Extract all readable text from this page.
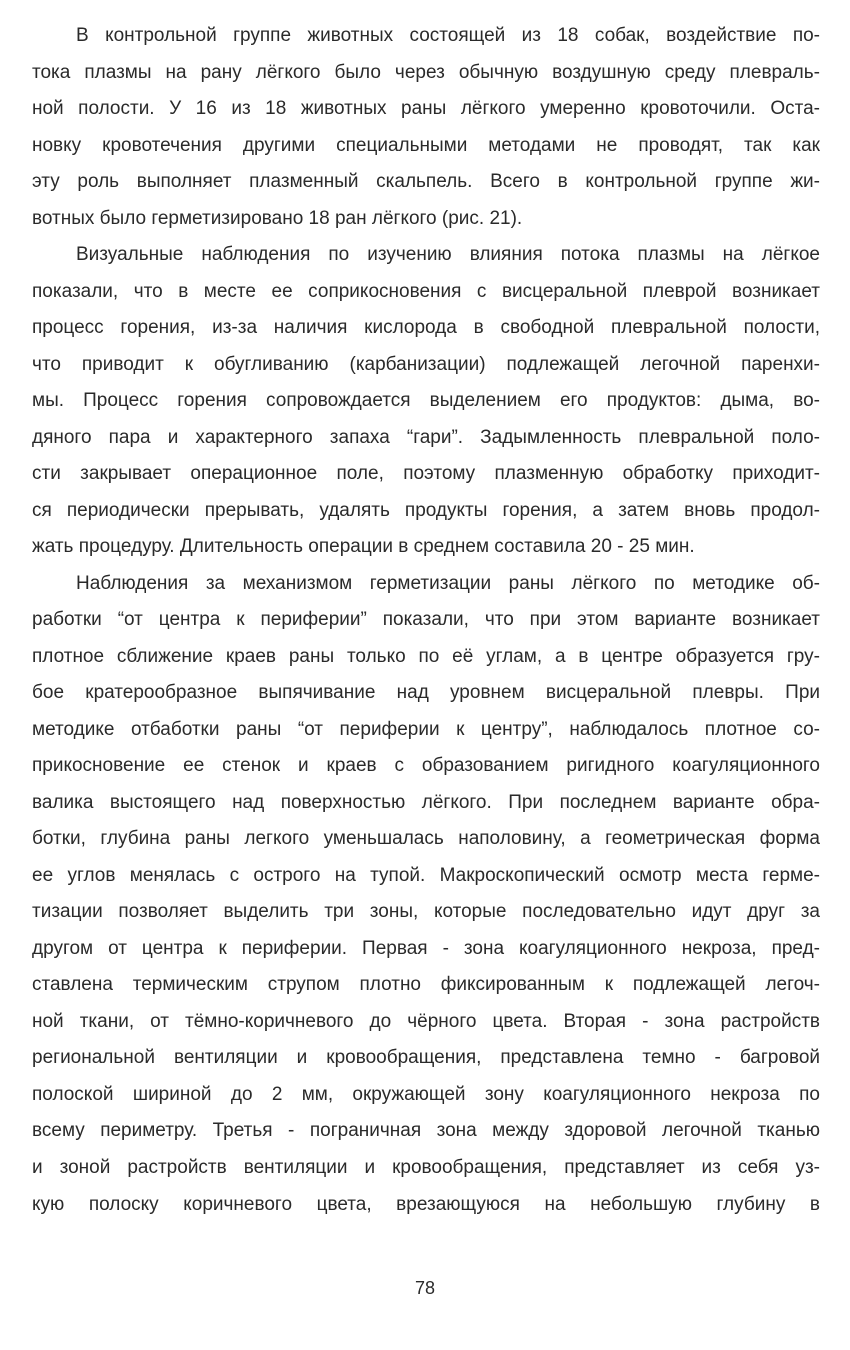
В контрольной группе животных состоящей из 18 собак, воздействие по-
тока плазмы на рану лёгкого было через обычную воздушную среду плевраль-
ной полости. У 16 из 18 животных раны лёгкого умеренно кровоточили. Оста-
новку кровотечения другими специальными методами не проводят, так как
эту роль выполняет плазменный скальпель. Всего в контрольной группе жи-
вотных было герметизировано 18 ран лёгкого (рис. 21).
Визуальные наблюдения по изучению влияния потока плазмы на лёгкое
показали, что в месте ее соприкосновения с висцеральной плеврой возникает
процесс горения, из-за наличия кислорода в свободной плевральной полости,
что приводит к обугливанию (карбанизации) подлежащей легочной паренхи-
мы. Процесс горения сопровождается выделением его продуктов: дыма, во-
дяного пара и характерного запаха “гари”. Задымленность плевральной поло-
сти закрывает операционное поле, поэтому плазменную обработку приходит-
ся периодически прерывать, удалять продукты горения, а затем вновь продол-
жать процедуру. Длительность операции в среднем составила 20 - 25 мин.
Наблюдения за механизмом герметизации раны лёгкого по методике об-
работки “от центра к периферии” показали, что при этом варианте возникает
плотное сближение краев раны только по её углам, а в центре образуется гру-
бое кратерообразное выпячивание над уровнем висцеральной плевры. При
методике отбаботки раны “от периферии к центру”, наблюдалось плотное со-
прикосновение ее стенок и краев с образованием ригидного коагуляционного
валика выстоящего над поверхностью лёгкого. При последнем варианте обра-
ботки, глубина раны легкого уменьшалась наполовину, а геометрическая форма
ее углов менялась с острого на тупой. Макроскопический осмотр места герме-
тизации позволяет выделить три зоны, которые последовательно идут друг за
другом от центра к периферии. Первая - зона коагуляционного некроза, пред-
ставлена термическим струпом плотно фиксированным к подлежащей легоч-
ной ткани, от тёмно-коричневого до чёрного цвета. Вторая - зона растройств
региональной вентиляции и кровообращения, представлена темно - багровой
полоской шириной до 2 мм, окружающей зону коагуляционного некроза по
всему периметру. Третья - пограничная зона между здоровой легочной тканью
и зоной растройств вентиляции и кровообращения, представляет из себя уз-
кую полоску коричневого цвета, врезающуюся на небольшую глубину в
78
